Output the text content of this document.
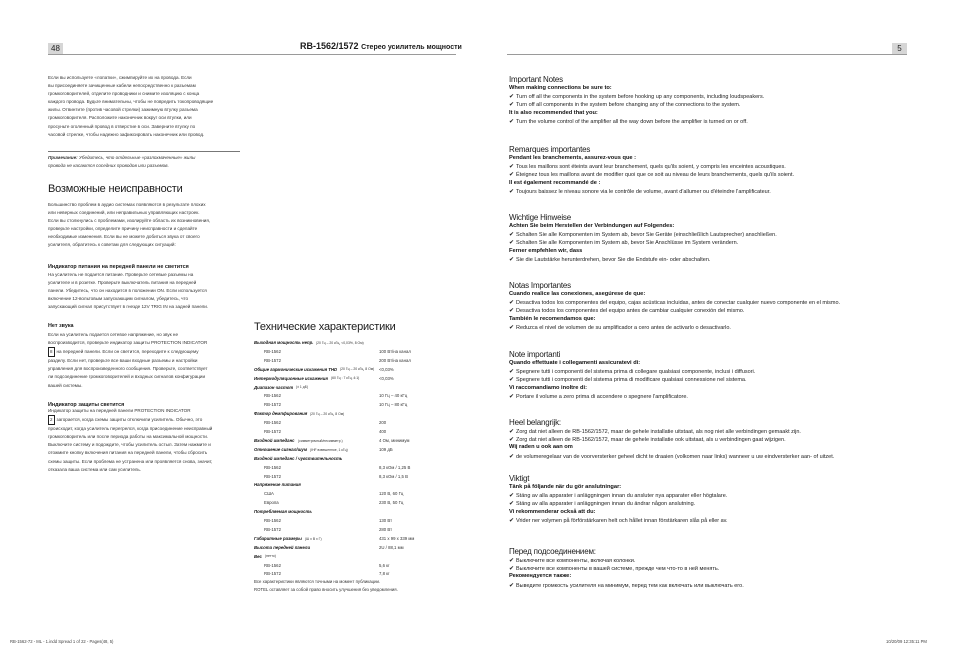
48	RB-1562/1572 Стерео усилитель мощности	5
Если вы используете «лопатки», сжимпируйте их на провода. Если
вы присоединяете зачищенные кабели непосредственно к разъемам
громкоговорителей, отделите проводники и снимите изоляцию с конца
каждого провода. Будьте внимательны, чтобы не повредить токопроводящие
жилы. Отвинтите (против часовой стрелки) зажимную втулку разъема
громкоговорителя. Расположите наконечник вокруг оси втулки, или
просуньте оголенный провод в отверстие в оси. Заверните втулку по
часовой стрелке, чтобы надежно зафиксировать наконечник или провод.
Примечание: Убедитесь, что отдельные «разлохмаченные» жилы
провода не касаются соседних проводов или разъемов.
Возможные неисправности
Большинство проблем в аудио системах появляются в результате плохих
или неверных соединений, или неправильных управляющих настроек.
Если вы столкнулись с проблемами, изолируйте область их возникновения,
проверьте настройки, определите причину неисправности и сделайте
необходимые изменения. Если вы не можете добиться звука от своего
усилителя, обратитесь к советам для следующих ситуаций:
Индикатор питания на передней панели не светится
На усилитель не подается питание. Проверьте сетевые разъемы на
усилителе и в розетке. Проверьте выключатель питания на передней
панели. Убедитесь, что он находится в положении ON. Если используется
включение 12-вольтовым запускающим сигналом, убедитесь, что
запускающий сигнал присутствует в гнезде 12V TRIG IN на задней панели.
Нет звука
Если на усилитель подается сетевое напряжение, но звук не
воспроизводится, проверьте индикатор защиты PROTECTION INDICATOR
8 на передней панели. Если он светится, переходите к следующему
разделу. Если нет, проверьте все ваши входные разъемы и настройки
управления для воспроизведенного сообщения. Проверьте, соответствует
ли подсоединение громкоговорителей и входных сигналов конфигурации
вашей системы.
Индикатор защиты светится
Индикатор защиты на передней панели PROTECTION INDICATOR
2 загорается, когда схемы защиты отключили усилитель. Обычно, это
происходит, когда усилитель перегрелся, когда присоединение неисправный
громкоговоритель или после периода работы на максимальной мощности.
Выключите систему и подождите, чтобы усилитель остыл. Затем нажмите и
отожмите кнопку включения питания на передней панели, чтобы сбросить
схемы защиты. Если проблема не устранена или проявляется снова, значит,
отказала ваша система или сам усилитель.
Технические характеристики
Выходная мощность непр. (20 Гц – 20 кГц, <0,03%, 8 Ом)
RB-1562	100 Вт/на канал
RB-1572	200 Вт/на канал
Общие гармонические искажения THD (20 Гц – 20 кГц, 8 Ом) <0,03%
Интермодуляционные искажения (60 Гц : 7 кГц, 4:1)	<0,03%
Диапазон частот (± 1 дБ)
RB-1562	10 Гц – 40 кГц
RB-1572	10 Гц – 80 кГц
Фактор демпфирования (20 Гц – 20 кГц, 8 Ом)
RB-1562	200
RB-1572	400
Входной импеданс (симметричный/несимметр.)	4 Ом, минимум
Отношение сигнал/шум (IHF взвешенное, 1 кГц)	109 дБ
Входной импеданс / чувствительность
RB-1562	8,3 кОм / 1,25 В
RB-1572	8,3 кОм / 1,5 В
Напряжение питания
США	120 В, 60 Гц
Европа	230 В, 50 Гц
Потребляемая мощность
RB-1562	130 Вт
RB-1572	280 Вт
Габаритные размеры (Ш х В х Г)	431 х 99 х 339 мм
Высота передней панели	2U / 88,1 мм
Вес (нетто)
RB-1562	5,6 кг
RB-1572	7,8 кг
Все характеристики являются точными на момент публикации.
ROTEL оставляет за собой право вносить улучшения без уведомления.
Important Notes
When making connections be sure to:
✔ Turn off all the components in the system before hooking up any components, including loudspeakers.
✔ Turn off all components in the system before changing any of the connections to the system.
It is also recommended that you:
✔ Turn the volume control of the amplifier all the way down before the amplifier is turned on or off.
Remarques importantes
Pendant les branchements, assurez-vous que :
✔ Tous les maillons sont éteints avant leur branchement, quels qu'ils soient, y compris les enceintes acoustiques.
✔ Éteignez tous les maillons avant de modifier quoi que ce soit au niveau de leurs branchements, quels qu'ils soient.
Il est également recommandé de :
✔ Toujours baissez le niveau sonore via le contrôle de volume, avant d'allumer ou d'éteindre l'amplificateur.
Wichtige Hinweise
Achten Sie beim Herstellen der Verbindungen auf Folgendes:
✔ Schalten Sie alle Komponenten im System ab, bevor Sie Geräte (einschließlich Lautsprecher) anschließen.
✔ Schalten Sie alle Komponenten im System ab, bevor Sie Anschlüsse im System verändern.
Ferner empfehlen wir, dass
✔ Sie die Lautstärke herunterdrehen, bevor Sie die Endstufe ein- oder abschalten.
Notas Importantes
Cuando realice las conexiones, asegúrese de que:
✔ Desactiva todos los componentes del equipo, cajas acústicas incluidas, antes de conectar cualquier nuevo componente en el mismo.
✔ Desactiva todos los componentes del equipo antes de cambiar cualquier conexión del mismo.
También le recomendamos que:
✔ Reduzca el nivel de volumen de su amplificador a cero antes de activarlo o desactivarlo.
Note importanti
Quando effettuate i collegamenti assicuratevi di:
✔ Spegnere tutti i componenti del sistema prima di collegare qualsiasi componente, inclusi i diffusori.
✔ Spegnere tutti i componenti del sistema prima di modificare qualsiasi connessione nel sistema.
Vi raccomandiamo inoltre di:
✔ Portare il volume a zero prima di accendere o spegnere l'amplificatore.
Heel belangrijk:
✔ Zorg dat niet alleen de RB-1562/1572, maar de gehele installatie uitstaat, als nog niet alle verbindingen gemaakt zijn.
✔ Zorg dat niet alleen de RB-1562/1572, maar de gehele installatie ook uitstaat, als u verbindingen gaat wijzigen.
Wij raden u ook aan om
✔ de volumeregelaar van de voorversterker geheel dicht te draaien (volkomen naar links) wanneer u uw eindversterker aan- of uitzet.
Viktigt
Tänk på följande när du gör anslutningar:
✔ Stäng av alla apparater i anläggningen innan du ansluter nya apparater eller högtalare.
✔ Stäng av alla apparater i anläggningen innan du ändrar någon anslutning.
Vi rekommenderar också att du:
✔ Vrider ner volymen på förförstärkaren helt och hållet innan förstärkaren slås på eller av.
Перед подсоединением:
✔ Выключите все компоненты, включая колонки.
✔ Выключите все компоненты в вашей системе, прежде чем что-то в ней менять.
Рекомендуется также:
✔ Выведите громкость усилителя на минимум, перед тем как включать или выключать его.
RB-1562-72 - ML - 1.indd Spread 1 of 22 - Pages(48, 5)	10/20/09 12:35:11 PM
